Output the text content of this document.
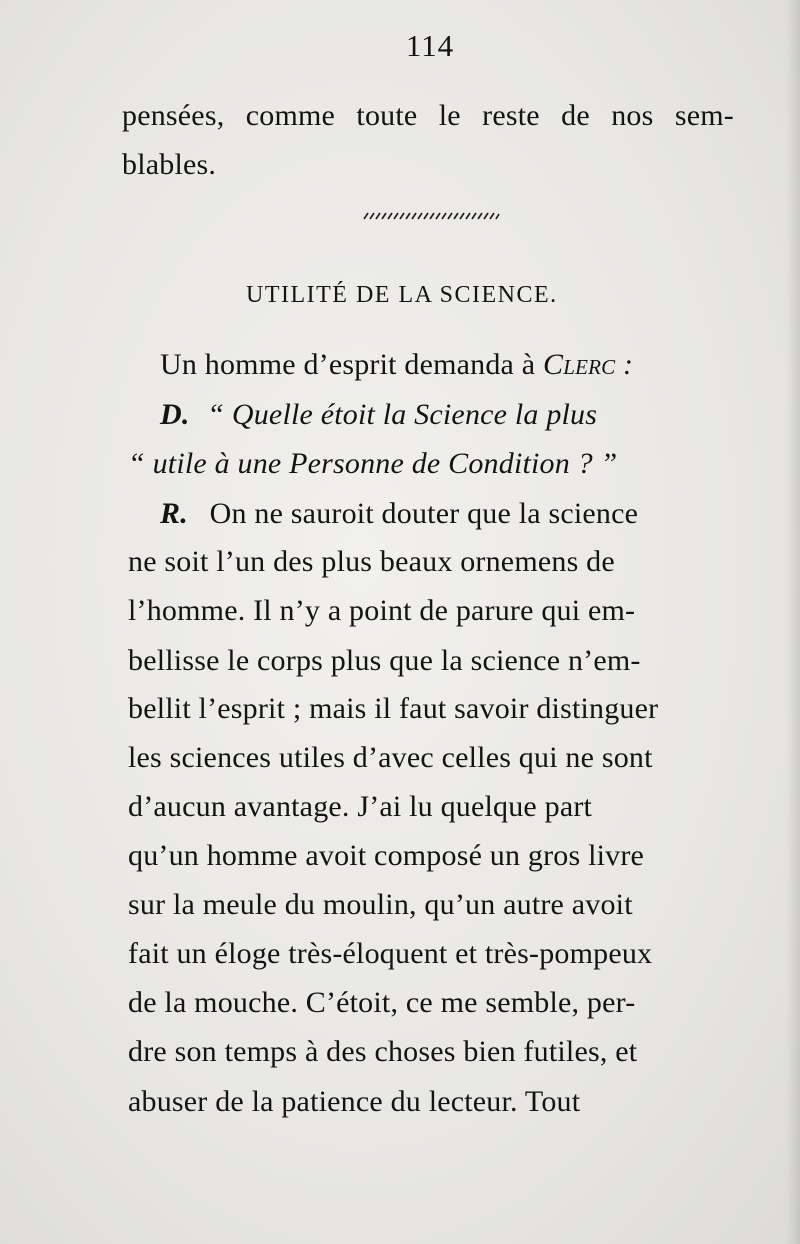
114
pensées, comme toute le reste de nos sem-
blables.
UTILITÉ DE LA SCIENCE.
Un homme d’esprit demanda à Clerc :
D. “ Quelle étoit la Science la plus
“ utile à une Personne de Condition ? ”
R. On ne sauroit douter que la science
ne soit l’un des plus beaux ornemens de
l’homme. Il n’y a point de parure qui em-
bellisse le corps plus que la science n’em-
bellit l’esprit ; mais il faut savoir distinguer
les sciences utiles d’avec celles qui ne sont
d’aucun avantage. J’ai lu quelque part
qu’un homme avoit composé un gros livre
sur la meule du moulin, qu’un autre avoit
fait un éloge très-éloquent et très-pompeux
de la mouche. C’étoit, ce me semble, per-
dre son temps à des choses bien futiles, et
abuser de la patience du lecteur. Tout
